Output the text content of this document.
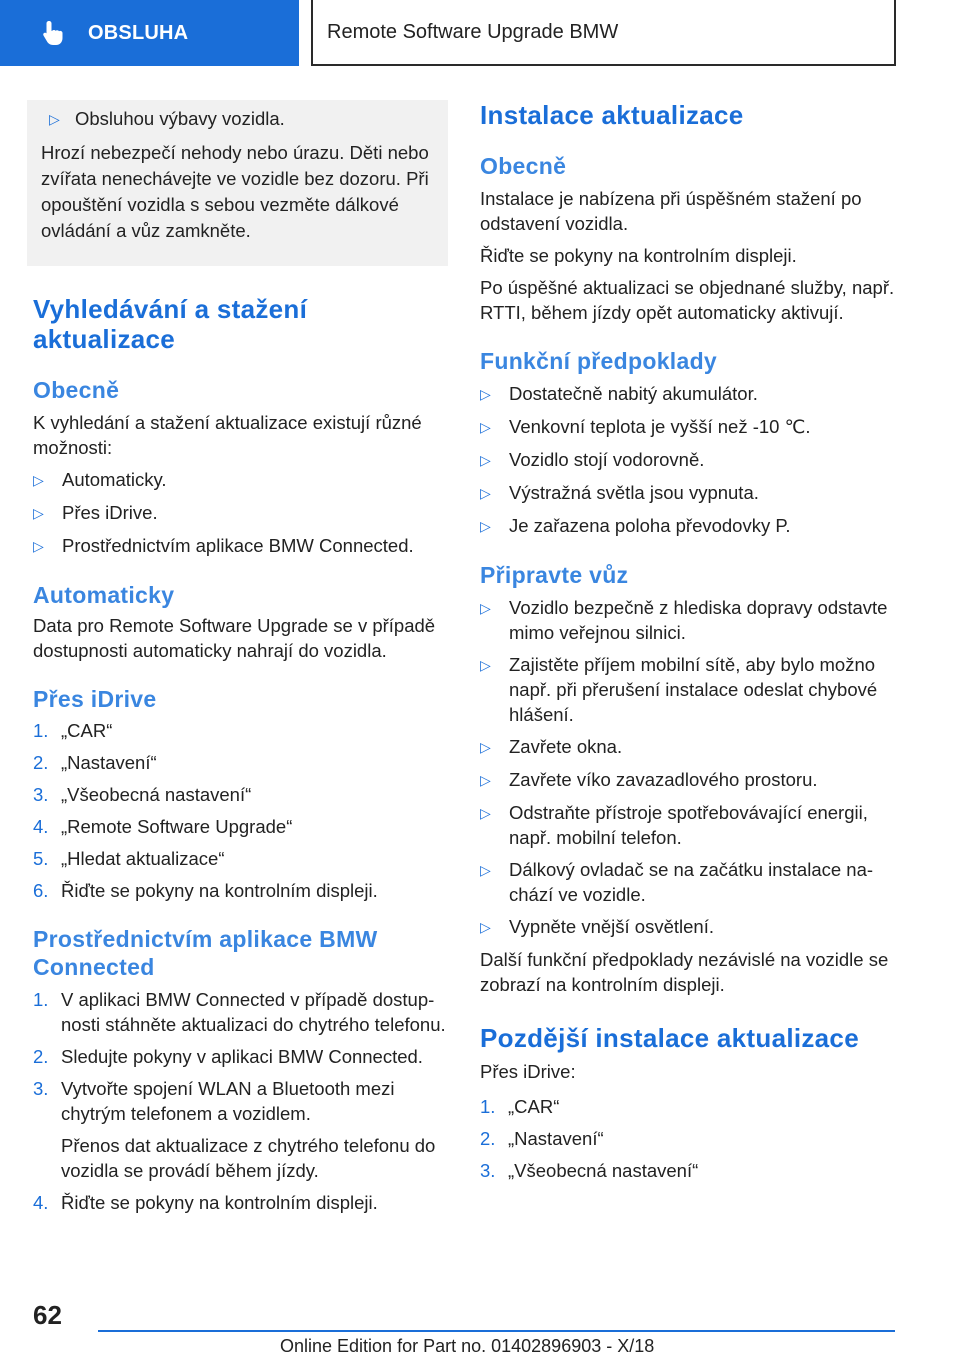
OBSLUHA	Remote Software Upgrade BMW
▷ Obsluhou výbavy vozidla.

Hrozí nebezpečí nehody nebo úrazu. Děti nebo zvířata nenechávejte ve vozidle bez dozoru. Při opouštění vozidla s sebou vezměte dálkové ovládání a vůz zamkněte.

Vyhledávání a stažení aktualizace
Obecně

K vyhledání a stažení aktualizace existují různé možnosti:

▷ Automaticky.
▷ Přes iDrive.
▷ Prostřednictvím aplikace BMW Connected.
Automaticky

Data pro Remote Software Upgrade se v případě dostupnosti automaticky nahrají do vozidla.

Přes iDrive
1. „CAR“
2. „Nastavení“
3. „Všeobecná nastavení“
4. „Remote Software Upgrade“
5. „Hledat aktualizace“
6. Řiďte se pokyny na kontrolním displeji.
Prostřednictvím aplikace BMW Connected
1. V aplikaci BMW Connected v případě dostupnosti stáhněte aktualizaci do chytrého telefonu.
2. Sledujte pokyny v aplikaci BMW Connected.
3. Vytvořte spojení WLAN a Bluetooth mezi chytrým telefonem a vozidlem.

Přenos dat aktualizace z chytrého telefonu do vozidla se provádí během jízdy.

4. Řiďte se pokyny na kontrolním displeji.
Instalace aktualizace
Obecně

Instalace je nabízena při úspěšném stažení po odstavení vozidla.

Řiďte se pokyny na kontrolním displeji.

Po úspěšné aktualizaci se objednané služby, např. RTTI, během jízdy opět automaticky aktivují.

Funkční předpoklady
▷ Dostatečně nabitý akumulátor.
▷ Venkovní teplota je vyšší než -10 ℃.
▷ Vozidlo stojí vodorovně.
▷ Výstražná světla jsou vypnuta.
▷ Je zařazena poloha převodovky P.
Připravte vůz
▷ Vozidlo bezpečně z hlediska dopravy odstavte mimo veřejnou silnici.
▷ Zajistěte příjem mobilní sítě, aby bylo možno např. při přerušení instalace odeslat chybové hlášení.
▷ Zavřete okna.
▷ Zavřete víko zavazadlového prostoru.
▷ Odstraňte přístroje spotřebovávající energii, např. mobilní telefon.
▷ Dálkový ovladač se na začátku instalace nachází ve vozidle.
▷ Vypněte vnější osvětlení.

Další funkční předpoklady nezávislé na vozidle se zobrazí na kontrolním displeji.

Pozdější instalace aktualizace

Přes iDrive:

1. „CAR“
2. „Nastavení“
3. „Všeobecná nastavení“
62
Online Edition for Part no. 01402896903 - X/18
